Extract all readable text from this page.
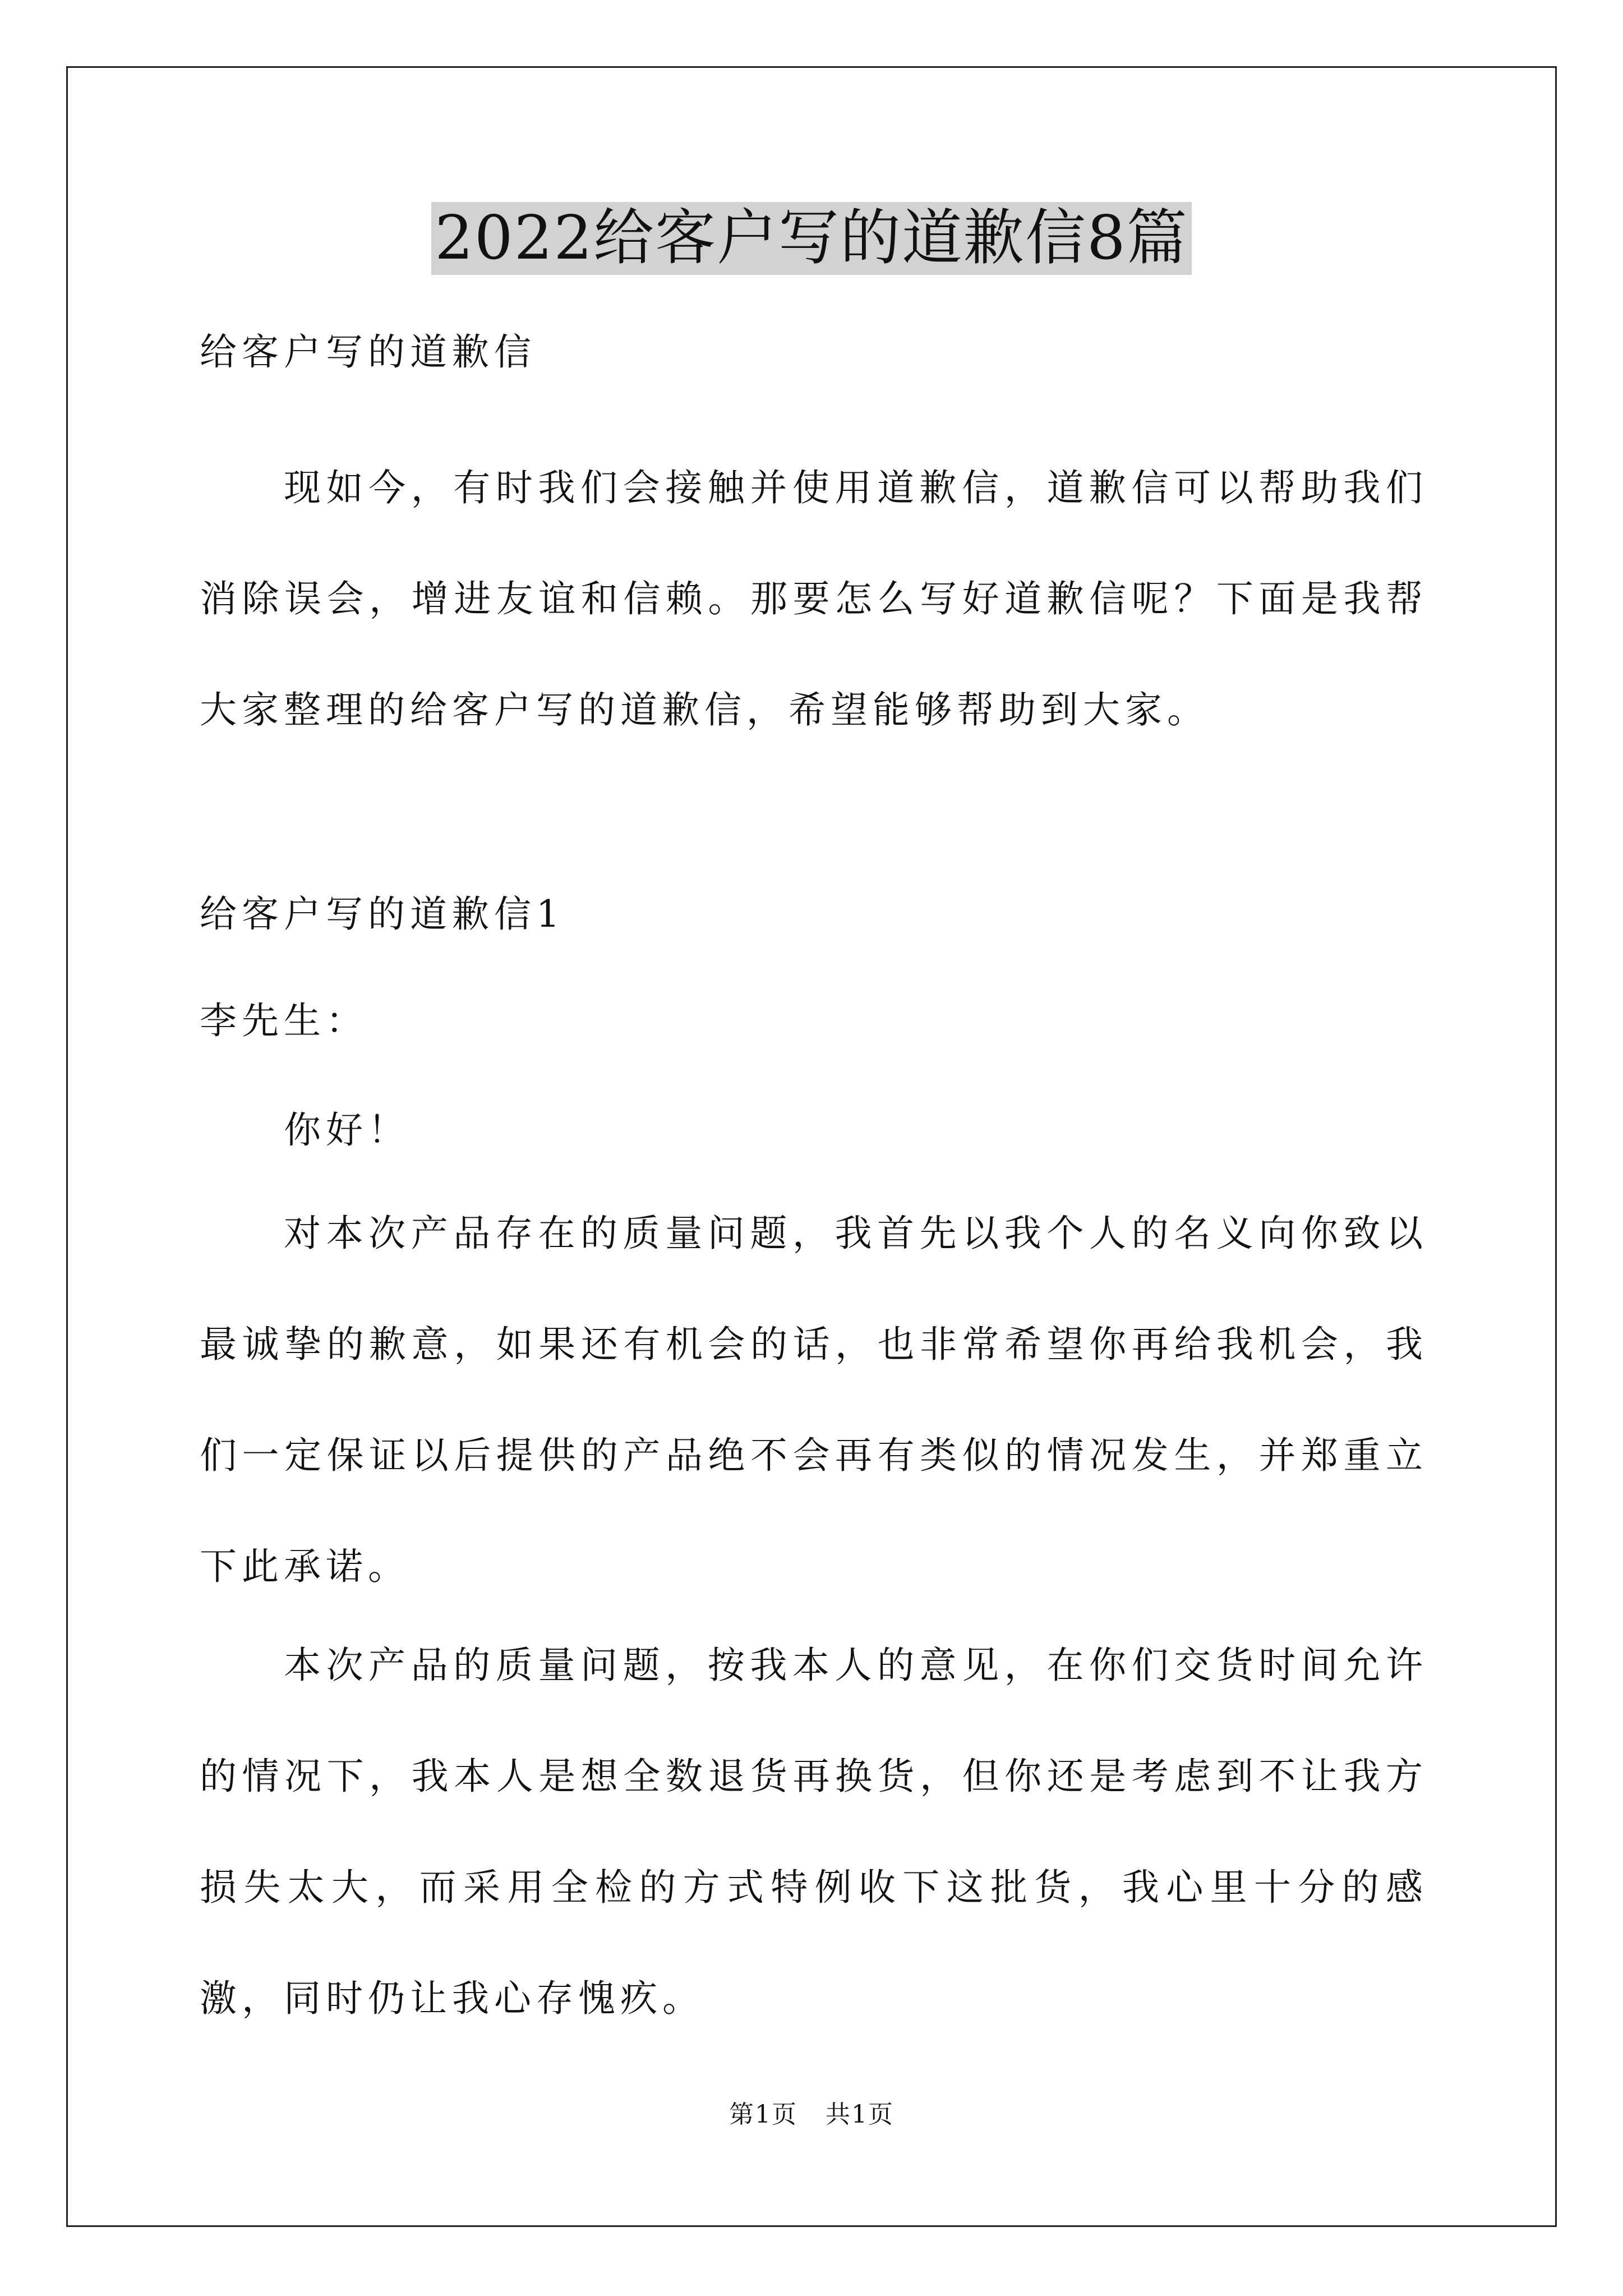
2022给客户写的道歉信8篇
给客户写的道歉信
现如今，有时我们会接触并使用道歉信，道歉信可以帮助我们消除误会，增进友谊和信赖。那要怎么写好道歉信呢？下面是我帮大家整理的给客户写的道歉信，希望能够帮助到大家。
给客户写的道歉信1
李先生：
你好！
对本次产品存在的质量问题，我首先以我个人的名义向你致以最诚挚的歉意，如果还有机会的话，也非常希望你再给我机会，我们一定保证以后提供的产品绝不会再有类似的情况发生，并郑重立下此承诺。
本次产品的质量问题，按我本人的意见，在你们交货时间允许的情况下，我本人是想全数退货再换货，但你还是考虑到不让我方损失太大，而采用全检的方式特例收下这批货，我心里十分的感激，同时仍让我心存愧疚。
第1页 共1页
